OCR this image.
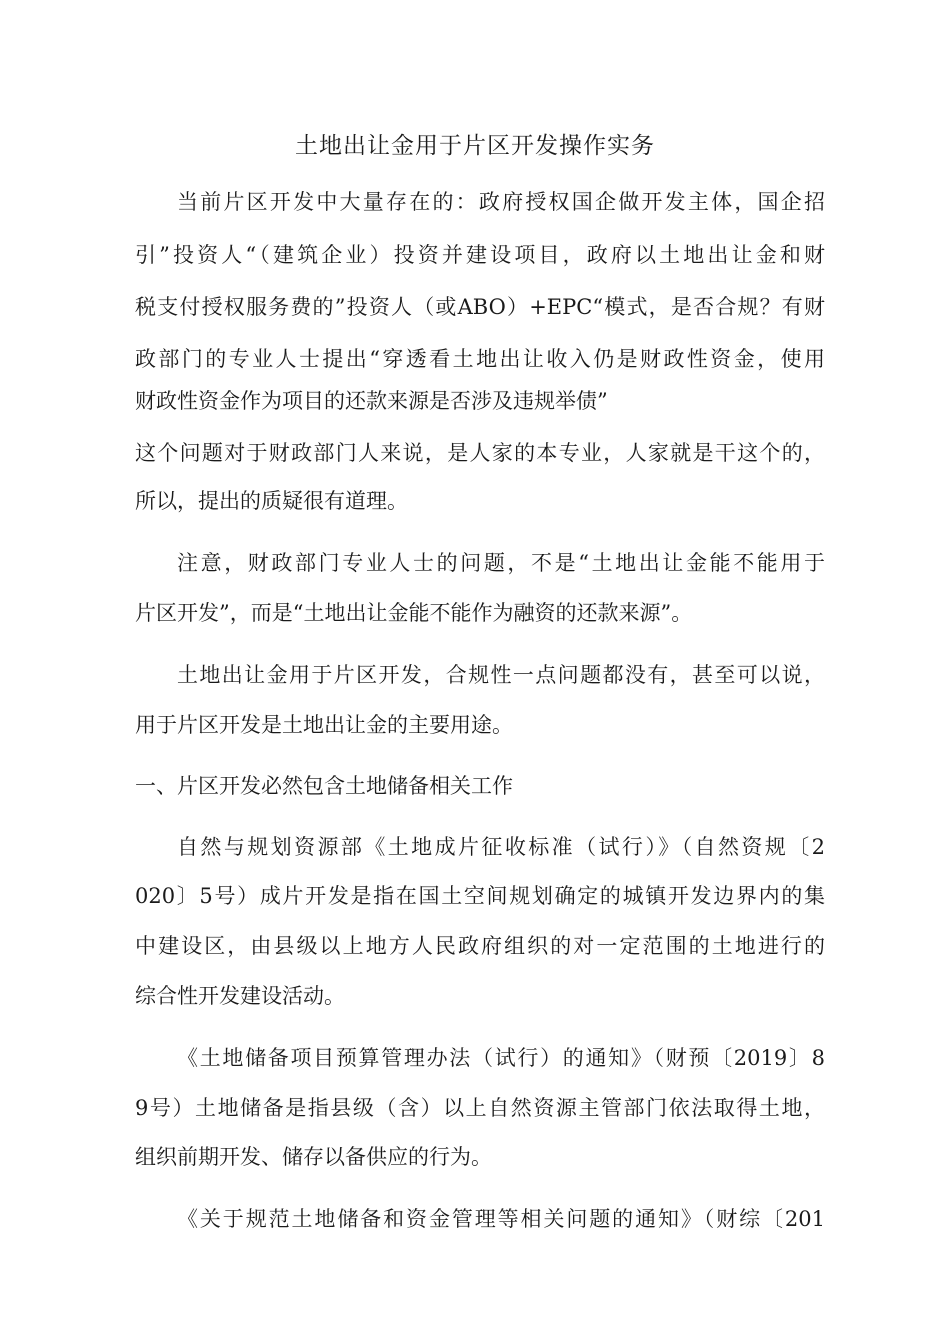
土地出让金用于片区开发操作实务
当前片区开发中大量存在的：政府授权国企做开发主体，国企招
引”投资人“（建筑企业）投资并建设项目，政府以土地出让金和财
税支付授权服务费的”投资人（或ABO）+EPC“模式，是否合规？有财
政部门的专业人士提出“穿透看土地出让收入仍是财政性资金，使用
财政性资金作为项目的还款来源是否涉及违规举债”
这个问题对于财政部门人来说，是人家的本专业，人家就是干这个的，
所以，提出的质疑很有道理。
注意，财政部门专业人士的问题，不是“土地出让金能不能用于
片区开发”，而是“土地出让金能不能作为融资的还款来源”。
土地出让金用于片区开发，合规性一点问题都没有，甚至可以说，
用于片区开发是土地出让金的主要用途。
一、片区开发必然包含土地储备相关工作
自然与规划资源部《土地成片征收标准（试行）》（自然资规〔2
020〕5号）成片开发是指在国土空间规划确定的城镇开发边界内的集
中建设区，由县级以上地方人民政府组织的对一定范围的土地进行的
综合性开发建设活动。
《土地储备项目预算管理办法（试行）的通知》（财预〔2019〕8
9号）土地储备是指县级（含）以上自然资源主管部门依法取得土地，
组织前期开发、储存以备供应的行为。
《关于规范土地储备和资金管理等相关问题的通知》（财综〔201
